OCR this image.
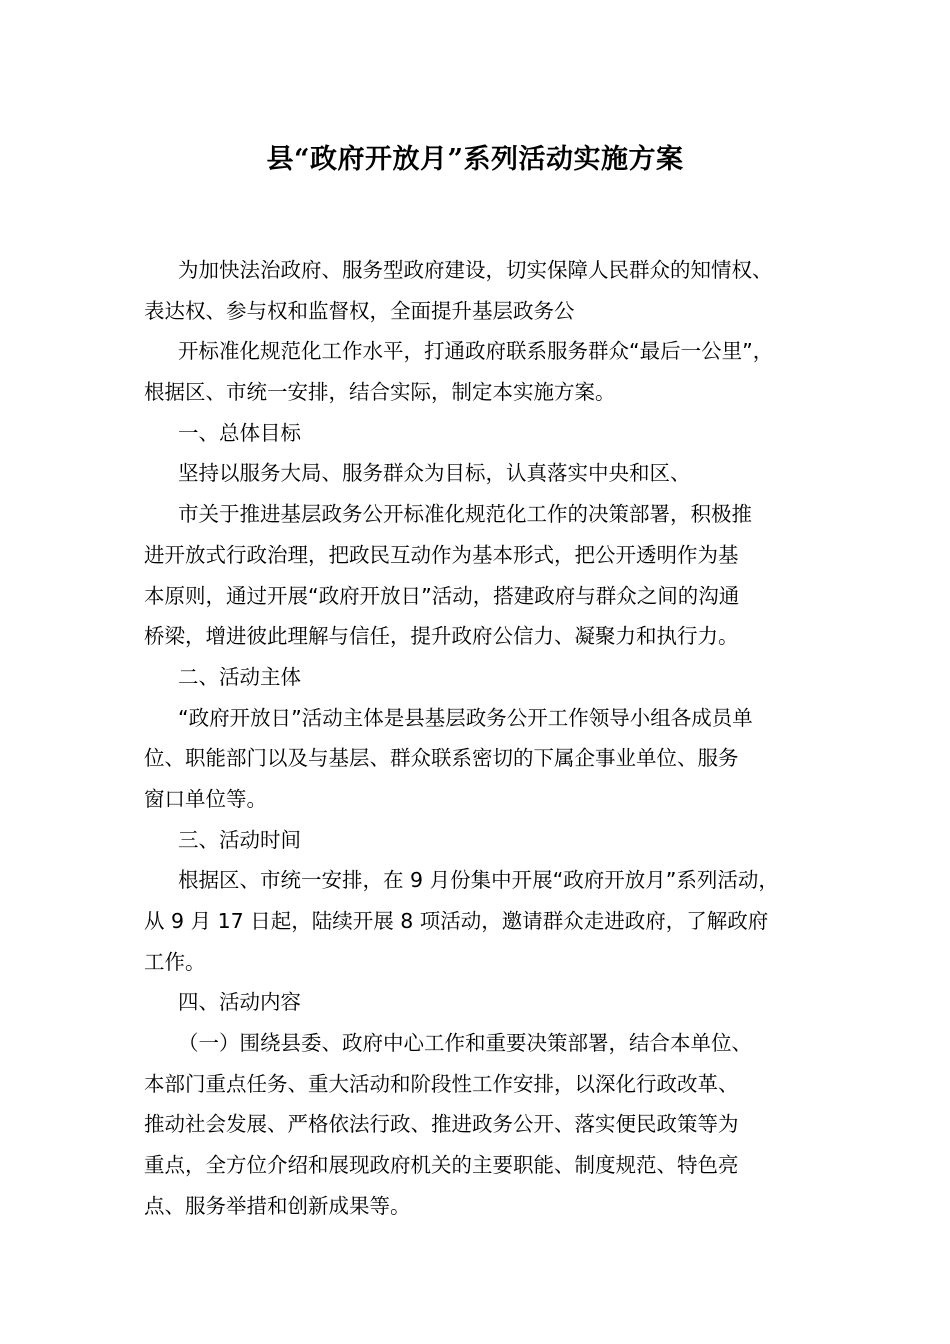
县“政府开放月”系列活动实施方案
为加快法治政府、服务型政府建设，切实保障人民群众的知情权、
表达权、参与权和监督权，全面提升基层政务公
开标准化规范化工作水平，打通政府联系服务群众“最后一公里”，
根据区、市统一安排，结合实际，制定本实施方案。
一、总体目标
坚持以服务大局、服务群众为目标，认真落实中央和区、
市关于推进基层政务公开标准化规范化工作的决策部署，积极推
进开放式行政治理，把政民互动作为基本形式，把公开透明作为基
本原则，通过开展“政府开放日”活动，搭建政府与群众之间的沟通
桥梁，增进彼此理解与信任，提升政府公信力、凝聚力和执行力。
二、活动主体
“政府开放日”活动主体是县基层政务公开工作领导小组各成员单
位、职能部门以及与基层、群众联系密切的下属企事业单位、服务
窗口单位等。
三、活动时间
根据区、市统一安排，在 9 月份集中开展“政府开放月”系列活动，
从 9 月 17 日起，陆续开展 8 项活动，邀请群众走进政府，了解政府
工作。
四、活动内容
（一）围绕县委、政府中心工作和重要决策部署，结合本单位、
本部门重点任务、重大活动和阶段性工作安排，以深化行政改革、
推动社会发展、严格依法行政、推进政务公开、落实便民政策等为
重点，全方位介绍和展现政府机关的主要职能、制度规范、特色亮
点、服务举措和创新成果等。
